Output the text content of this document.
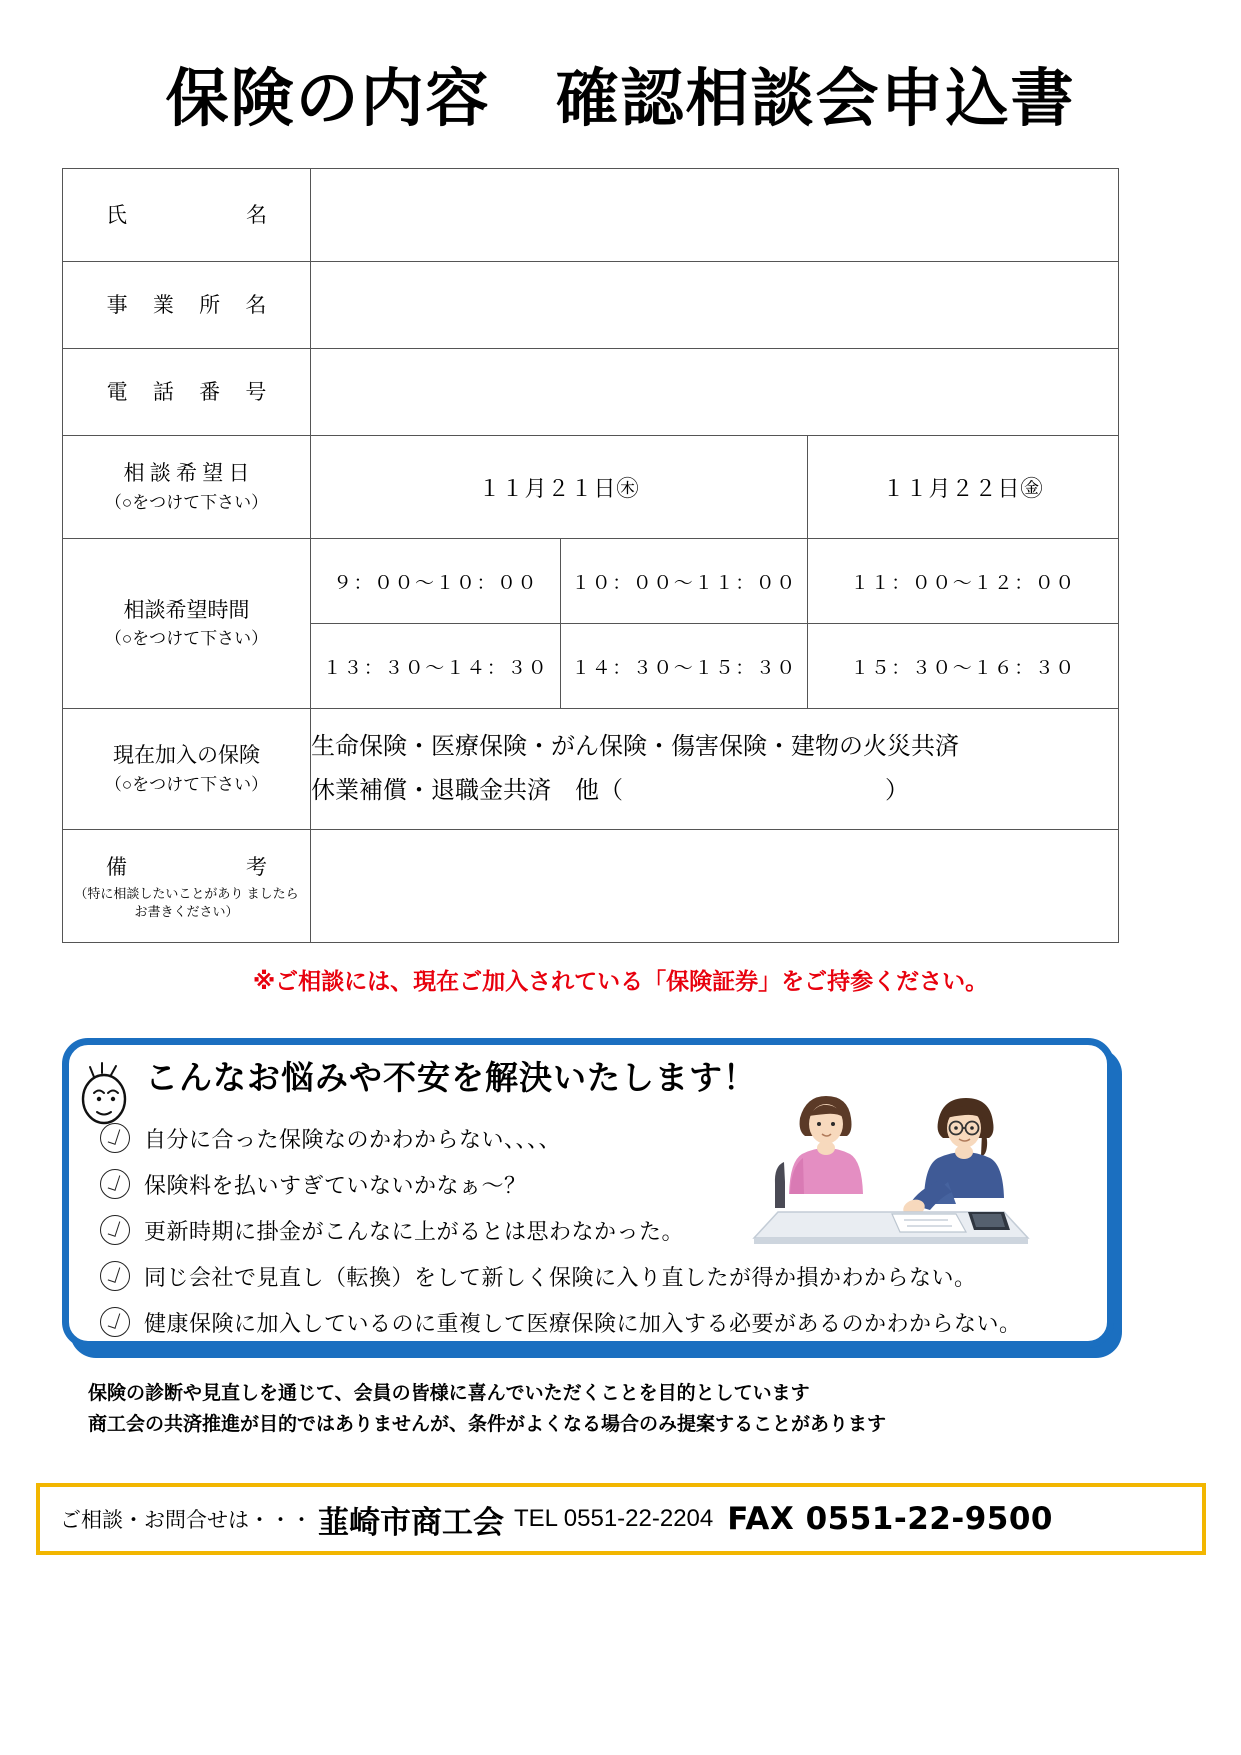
保険の内容　確認相談会申込書
氏　　　名			
事 業 所 名			
電 話 番 号			
相 談 希 望 日
（○をつけて下さい）	１１月２１日㊍		１１月２２日㊎
相談希望時間
（○をつけて下さい）	９：００〜１０：００	１０：００〜１１：００	１１：００〜１２：００
	１３：３０〜１４：３０	１４：３０〜１５：３０	１５：３０〜１６：３０
現在加入の保険
（○をつけて下さい）

生命保険・医療保険・がん保険・傷害保険・建物の火災共済
休業補償・退職金共済　他（	）

備　　　考
（特に相談したいことがあり ましたらお書きください）			

※ご相談には、現在ご加入されている「保険証券」をご持参ください。
こんなお悩みや不安を解決いたします！
自分に合った保険なのかわからない、、、、
保険料を払いすぎていないかなぁ〜？
更新時期に掛金がこんなに上がるとは思わなかった。
同じ会社で見直し（転換）をして新しく保険に入り直したが得か損かわからない。
健康保険に加入しているのに重複して医療保険に加入する必要があるのかわからない。
保険の診断や見直しを通じて、会員の皆様に喜んでいただくことを目的としています
商工会の共済推進が目的ではありませんが、条件がよくなる場合のみ提案することがあります
ご相談・お問合せは・・・ 韮崎市商工会 TEL 0551-22-2204 FAX 0551-22-9500
